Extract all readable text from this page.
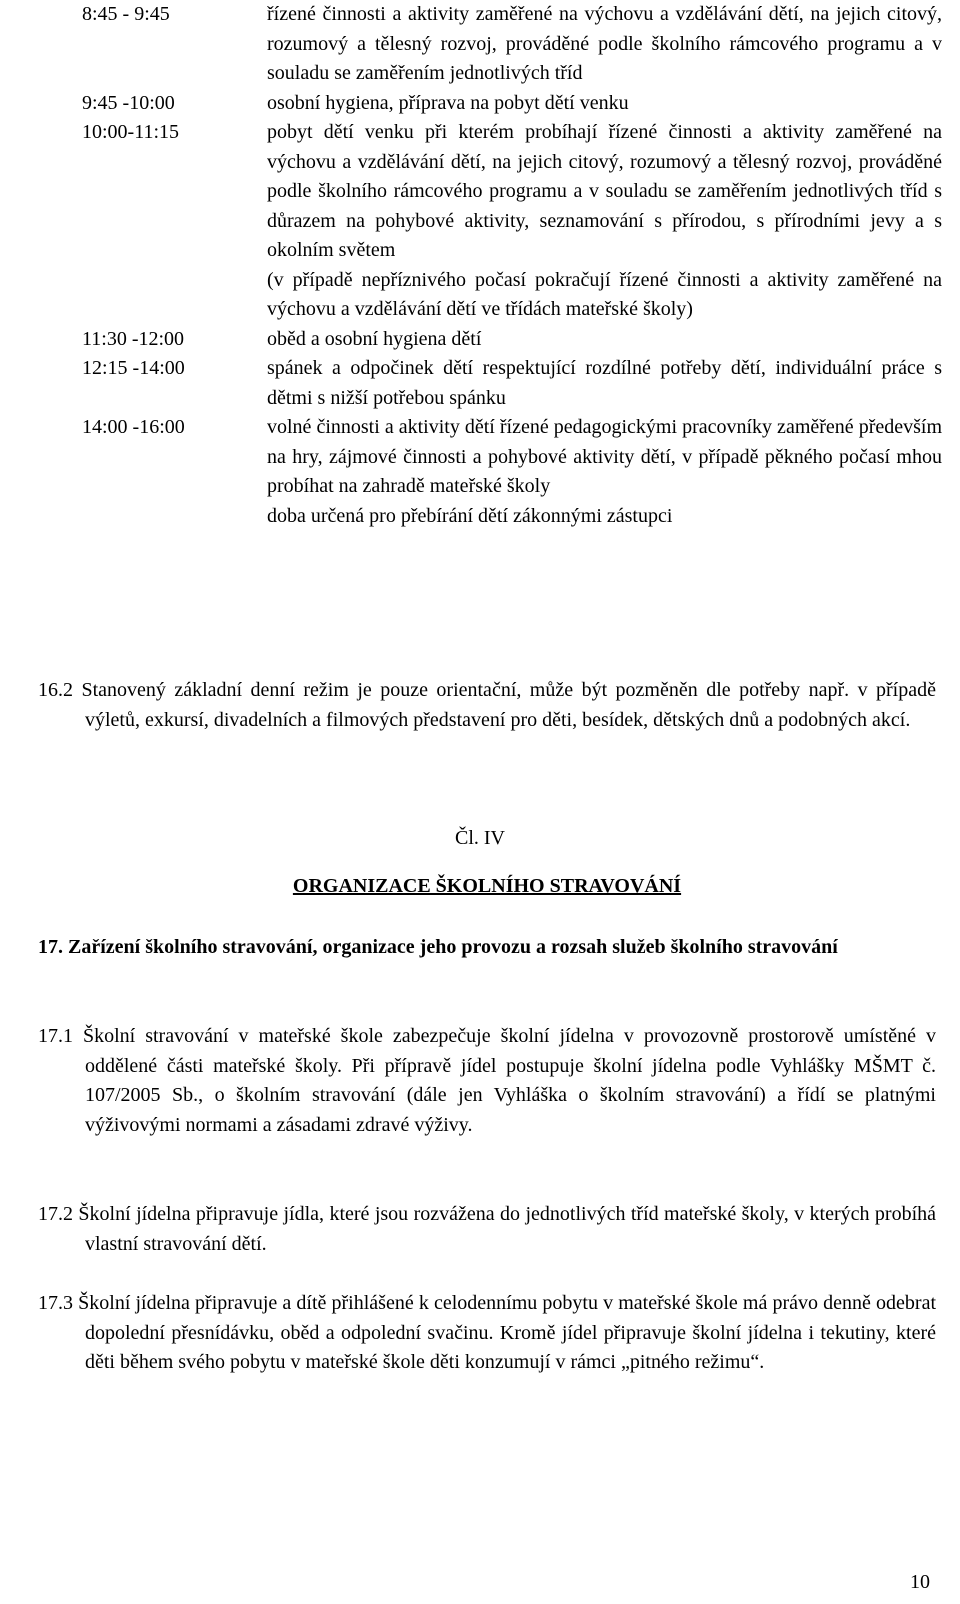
8:45 - 9:45	řízené činnosti a aktivity zaměřené na výchovu a vzdělávání dětí, na jejich citový, rozumový a tělesný rozvoj, prováděné podle školního rámcového programu a v souladu se zaměřením jednotlivých tříd

9:45 -10:00	osobní hygiena, příprava na pobyt dětí venku

10:00-11:15	pobyt dětí venku při kterém probíhají řízené činnosti a aktivity zaměřené na výchovu a vzdělávání dětí, na jejich citový, rozumový a tělesný rozvoj, prováděné podle školního rámcového programu a v souladu se zaměřením jednotlivých tříd s důrazem na pohybové aktivity, seznamování s přírodou, s přírodními jevy a s okolním světem

(v případě nepříznivého počasí pokračují řízené činnosti a aktivity zaměřené na výchovu a vzdělávání dětí ve třídách mateřské školy)

11:30 -12:00	oběd a osobní hygiena dětí

12:15 -14:00	spánek a odpočinek dětí respektující rozdílné potřeby dětí, individuální práce s dětmi s nižší potřebou spánku

14:00 -16:00	volné činnosti a aktivity dětí řízené pedagogickými pracovníky zaměřené především na hry, zájmové činnosti a pohybové aktivity dětí, v případě pěkného počasí mhou probíhat na zahradě mateřské školy

doba určená pro přebírání dětí zákonnými zástupci

16.2 Stanovený základní denní režim je pouze orientační, může být pozměněn dle potřeby např. v případě výletů, exkursí, divadelních a filmových představení pro děti, besídek, dětských dnů a podobných akcí.

Čl. IV
ORGANIZACE ŠKOLNÍHO STRAVOVÁNÍ
17. Zařízení školního stravování, organizace jeho provozu a rozsah služeb školního stravování

17.1 Školní stravování v mateřské škole zabezpečuje školní jídelna v provozovně prostorově umístěné v oddělené části mateřské školy. Při přípravě jídel postupuje školní jídelna podle Vyhlášky MŠMT č. 107/2005 Sb., o školním stravování (dále jen Vyhláška o školním stravování) a řídí se platnými výživovými normami a zásadami zdravé výživy.

17.2 Školní jídelna připravuje jídla, které jsou rozvážena do jednotlivých tříd mateřské školy, v kterých probíhá vlastní stravování dětí.

17.3 Školní jídelna připravuje a dítě přihlášené k celodennímu pobytu v mateřské škole má právo denně odebrat dopolední přesnídávku, oběd a odpolední svačinu. Kromě jídel připravuje školní jídelna i tekutiny, které děti během svého pobytu v mateřské škole děti konzumují v rámci „pitného režimu“.

10
